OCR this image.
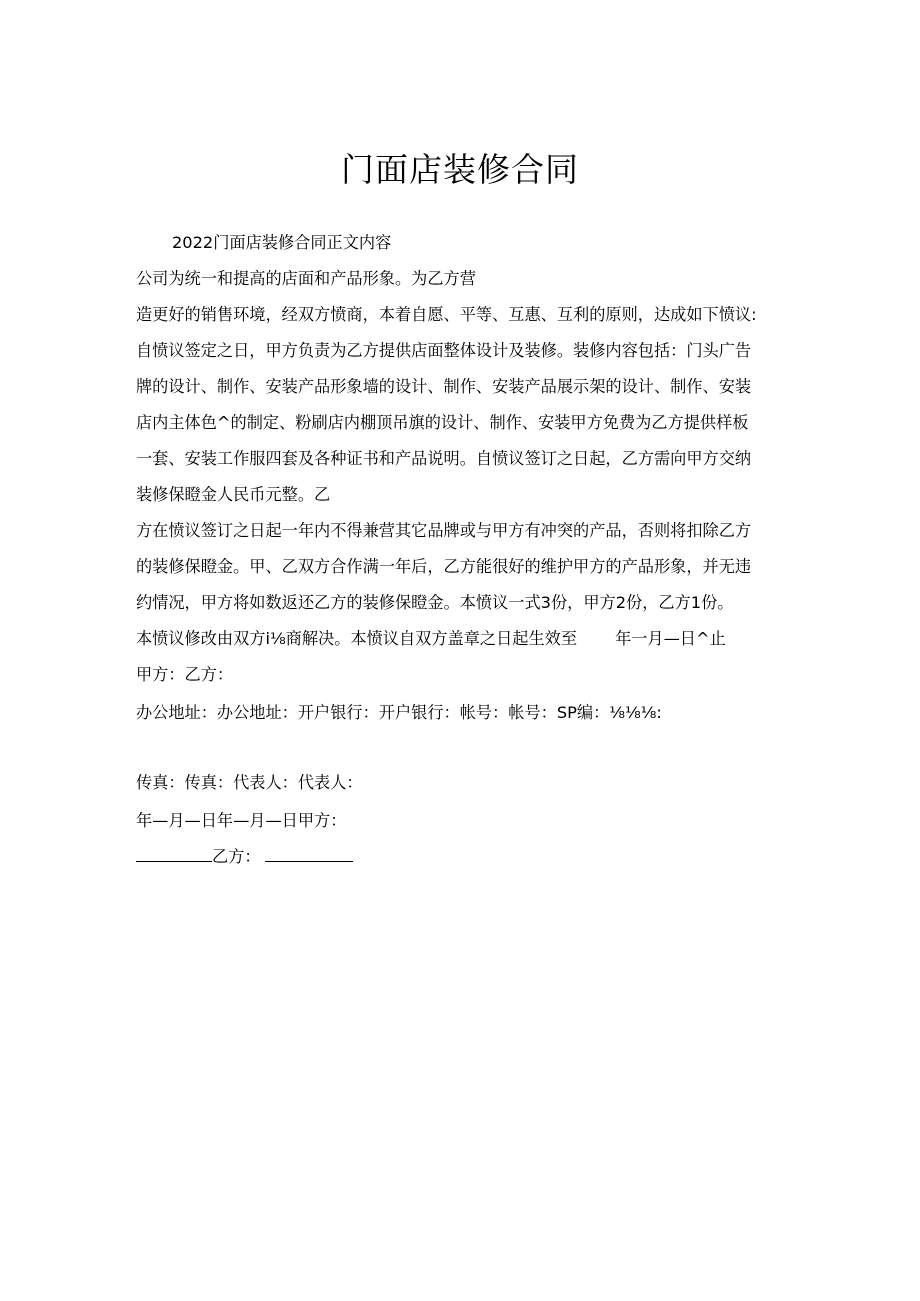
门面店装修合同

2022门面店装修合同正文内容

公司为统一和提高的店面和产品形象。为乙方营

造更好的销售环境，经双方愤商，本着自愿、平等、互惠、互利的原则，达成如下愤议:

自愤议签定之日，甲方负责为乙方提供店面整体设计及装修。装修内容包括：门头广告

牌的设计、制作、安装产品形象墙的设计、制作、安装产品展示架的设计、制作、安装

店内主体色^的制定、粉刷店内棚顶吊旗的设计、制作、安装甲方免费为乙方提供样板

一套、安装工作服四套及各种证书和产品说明。自愤议签订之日起，乙方需向甲方交纳

装修保瞪金人民币元整。乙

方在愤议签订之日起一年内不得兼营其它品牌或与甲方有冲突的产品，否则将扣除乙方

的装修保瞪金。甲、乙双方合作满一年后，乙方能很好的维护甲方的产品形象，并无违

约情况，甲方将如数返还乙方的装修保瞪金。本愤议一式3份，甲方2份，乙方1份。

本愤议修改由双方i⅛商解决。本愤议自双方盖章之日起生效至 年一月—日^止

甲方：乙方：

办公地址：办公地址：开户银行：开户银行：帐号：帐号：SP编：⅛⅛⅛:

传真：传真：代表人：代表人：

年—月—日年—月—日甲方：

乙方：
